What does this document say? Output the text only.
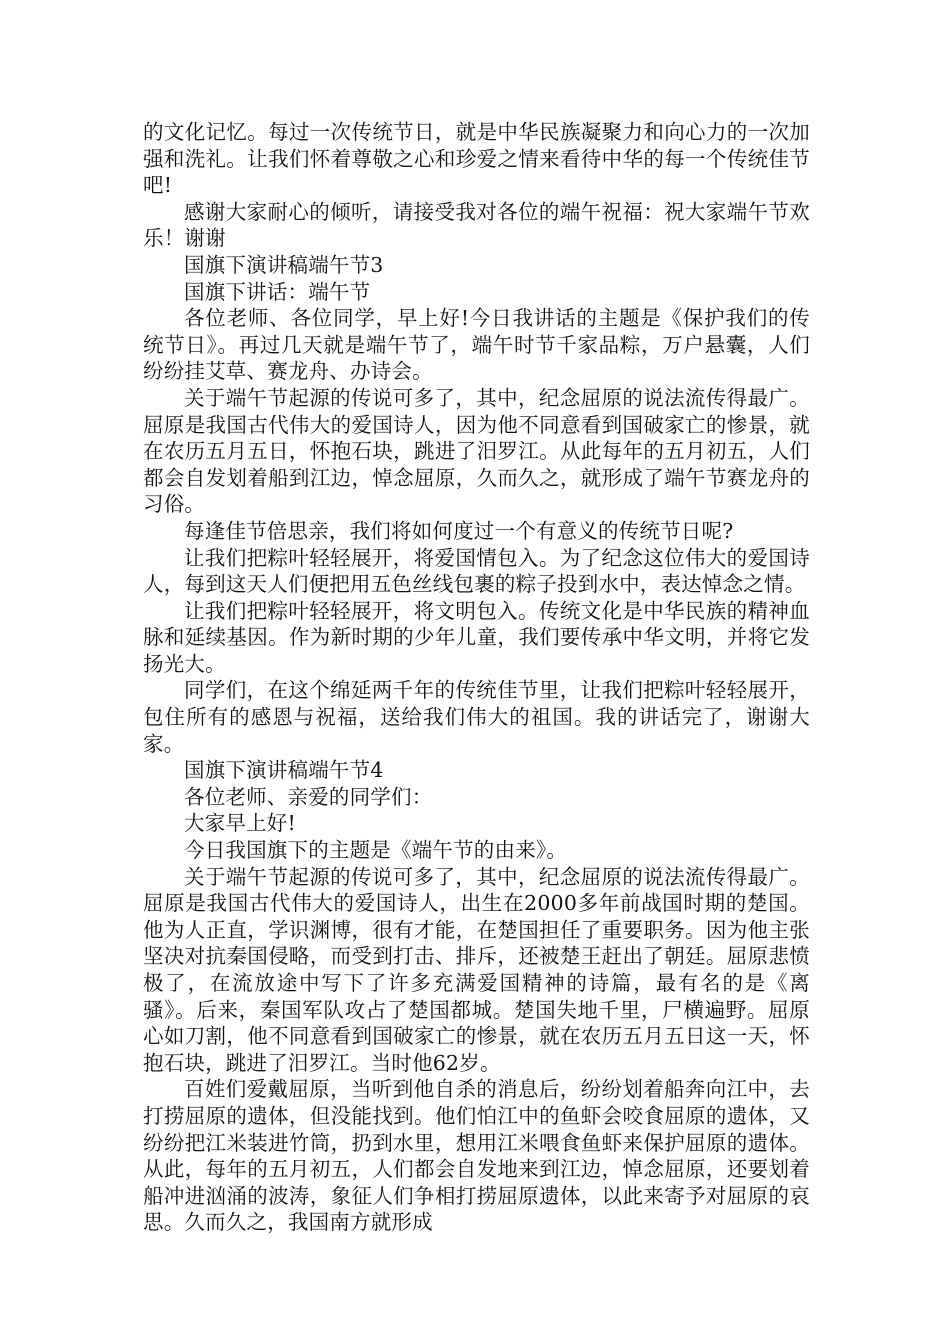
的文化记忆。每过一次传统节日，就是中华民族凝聚力和向心力的一次加强和洗礼。让我们怀着尊敬之心和珍爱之情来看待中华的每一个传统佳节吧!

感谢大家耐心的倾听，请接受我对各位的端午祝福：祝大家端午节欢乐！谢谢

国旗下演讲稿端午节3

国旗下讲话：端午节

各位老师、各位同学，早上好!今日我讲话的主题是《保护我们的传统节日》。再过几天就是端午节了，端午时节千家品粽，万户悬囊，人们纷纷挂艾草、赛龙舟、办诗会。

关于端午节起源的传说可多了，其中，纪念屈原的说法流传得最广。屈原是我国古代伟大的爱国诗人，因为他不同意看到国破家亡的惨景，就在农历五月五日，怀抱石块，跳进了汨罗江。从此每年的五月初五，人们都会自发划着船到江边，悼念屈原，久而久之，就形成了端午节赛龙舟的习俗。

每逢佳节倍思亲，我们将如何度过一个有意义的传统节日呢?

让我们把粽叶轻轻展开，将爱国情包入。为了纪念这位伟大的爱国诗人，每到这天人们便把用五色丝线包裹的粽子投到水中，表达悼念之情。

让我们把粽叶轻轻展开，将文明包入。传统文化是中华民族的精神血脉和延续基因。作为新时期的少年儿童，我们要传承中华文明，并将它发扬光大。

同学们，在这个绵延两千年的传统佳节里，让我们把粽叶轻轻展开，包住所有的感恩与祝福，送给我们伟大的祖国。我的讲话完了，谢谢大家。

国旗下演讲稿端午节4

各位老师、亲爱的同学们：

大家早上好!

今日我国旗下的主题是《端午节的由来》。

关于端午节起源的传说可多了，其中，纪念屈原的说法流传得最广。屈原是我国古代伟大的爱国诗人，出生在2000多年前战国时期的楚国。他为人正直，学识渊博，很有才能，在楚国担任了重要职务。因为他主张坚决对抗秦国侵略，而受到打击、排斥，还被楚王赶出了朝廷。屈原悲愤极了，在流放途中写下了许多充满爱国精神的诗篇，最有名的是《离骚》。后来，秦国军队攻占了楚国都城。楚国失地千里，尸横遍野。屈原心如刀割，他不同意看到国破家亡的惨景，就在农历五月五日这一天，怀抱石块，跳进了汨罗江。当时他62岁。

百姓们爱戴屈原，当听到他自杀的消息后，纷纷划着船奔向江中，去打捞屈原的遗体，但没能找到。他们怕江中的鱼虾会咬食屈原的遗体，又纷纷把江米装进竹筒，扔到水里，想用江米喂食鱼虾来保护屈原的遗体。从此，每年的五月初五，人们都会自发地来到江边，悼念屈原，还要划着船冲进汹涌的波涛，象征人们争相打捞屈原遗体，以此来寄予对屈原的哀思。久而久之，我国南方就形成
